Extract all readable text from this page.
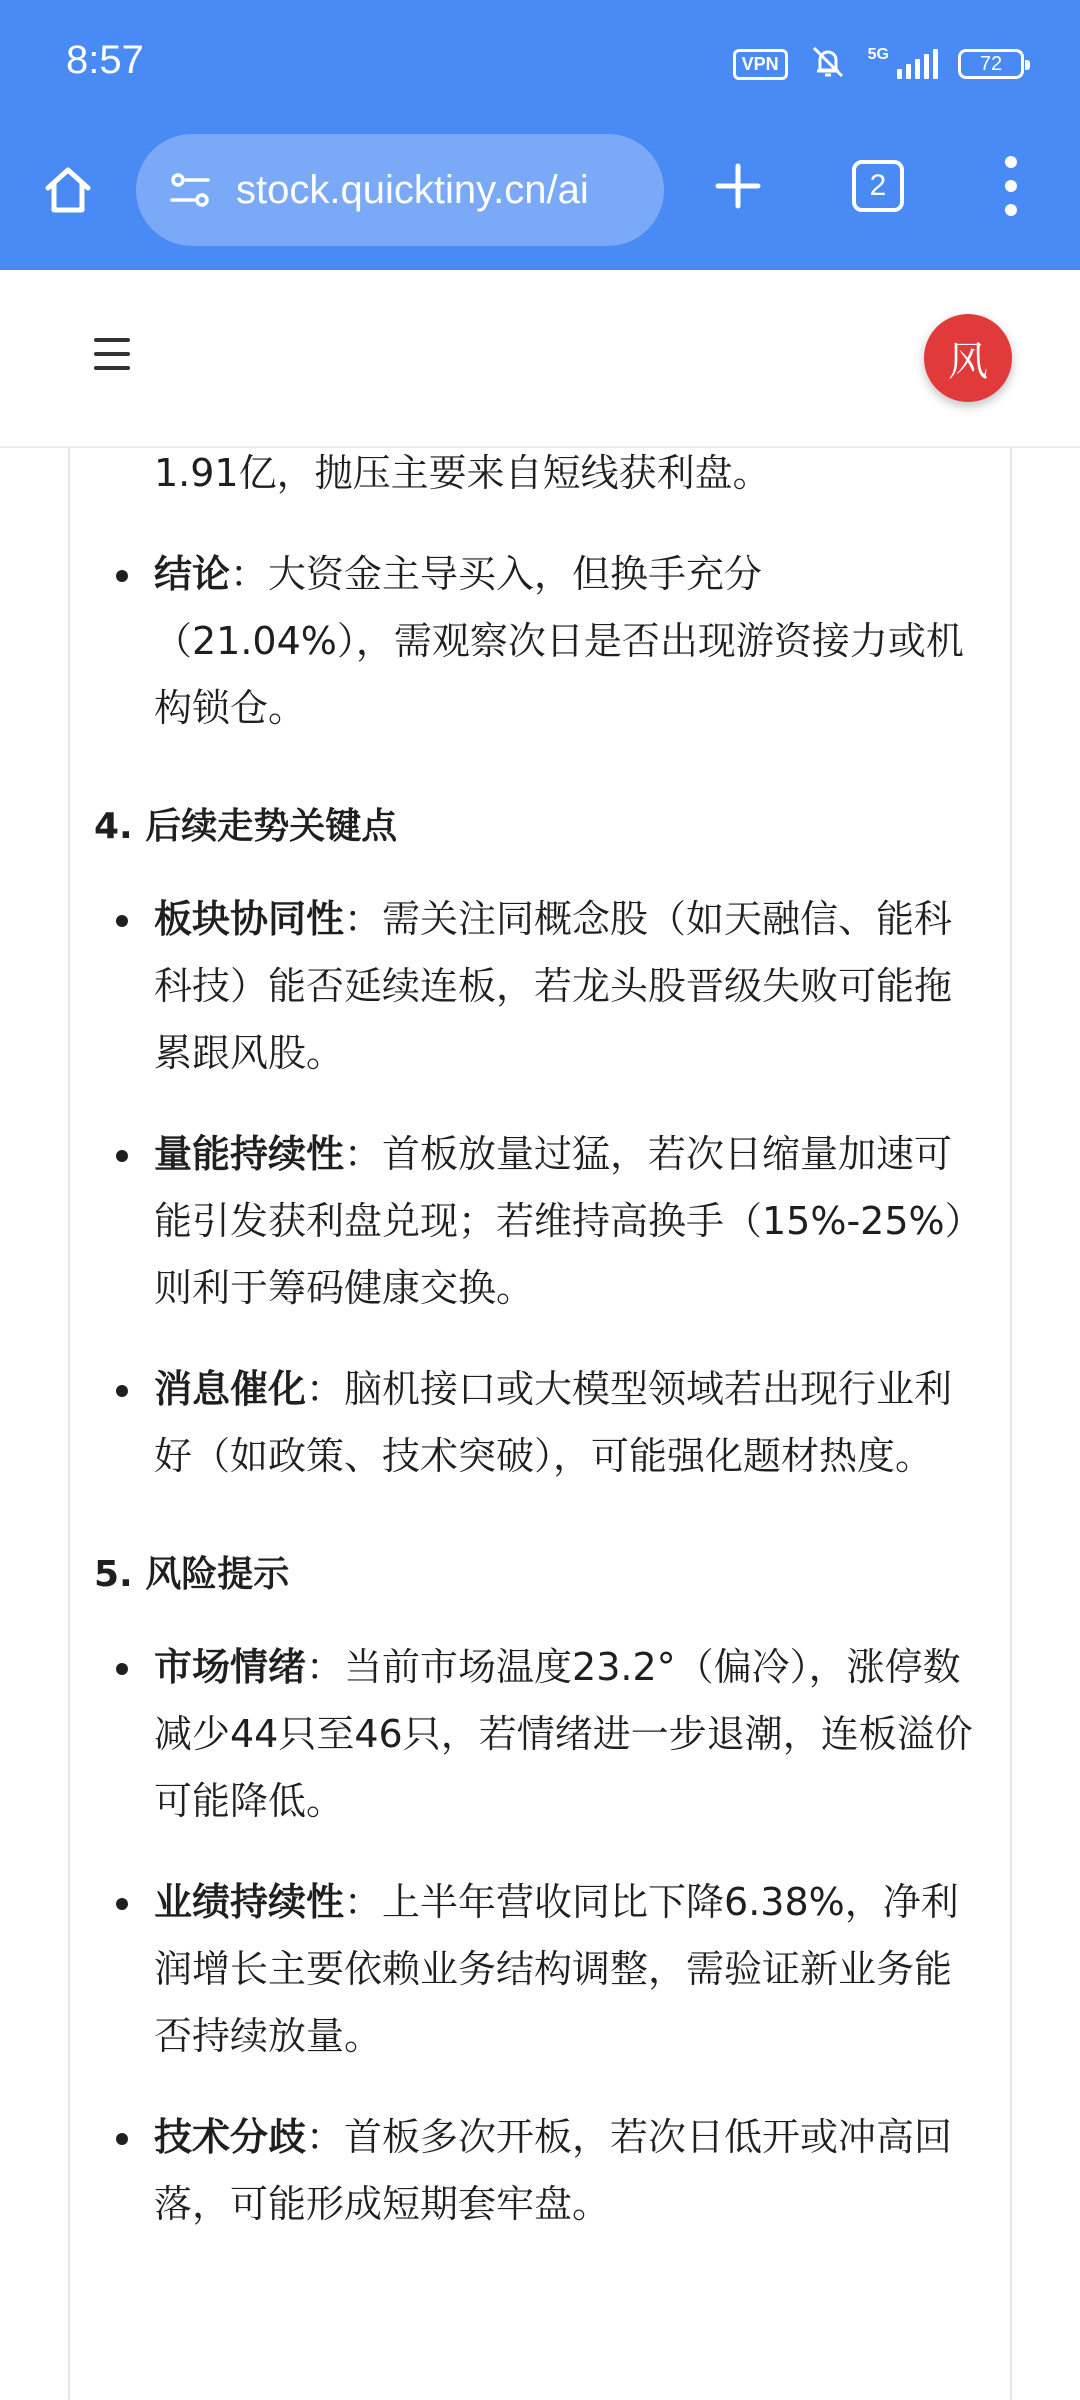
8:57	VPN	5G	72
stock.quicktiny.cn/ai	2
风
1.91亿，抛压主要来自短线获利盘。
结论：大资金主导买入，但换手充分（21.04%），需观察次日是否出现游资接力或机构锁仓。
4. 后续走势关键点
板块协同性：需关注同概念股（如天融信、能科科技）能否延续连板，若龙头股晋级失败可能拖累跟风股。
量能持续性：首板放量过猛，若次日缩量加速可能引发获利盘兑现；若维持高换手（15%-25%）则利于筹码健康交换。
消息催化：脑机接口或大模型领域若出现行业利好（如政策、技术突破），可能强化题材热度。
5. 风险提示
市场情绪：当前市场温度23.2°（偏冷），涨停数减少44只至46只，若情绪进一步退潮，连板溢价可能降低。
业绩持续性：上半年营收同比下降6.38%，净利润增长主要依赖业务结构调整，需验证新业务能否持续放量。
技术分歧：首板多次开板，若次日低开或冲高回落，可能形成短期套牢盘。
